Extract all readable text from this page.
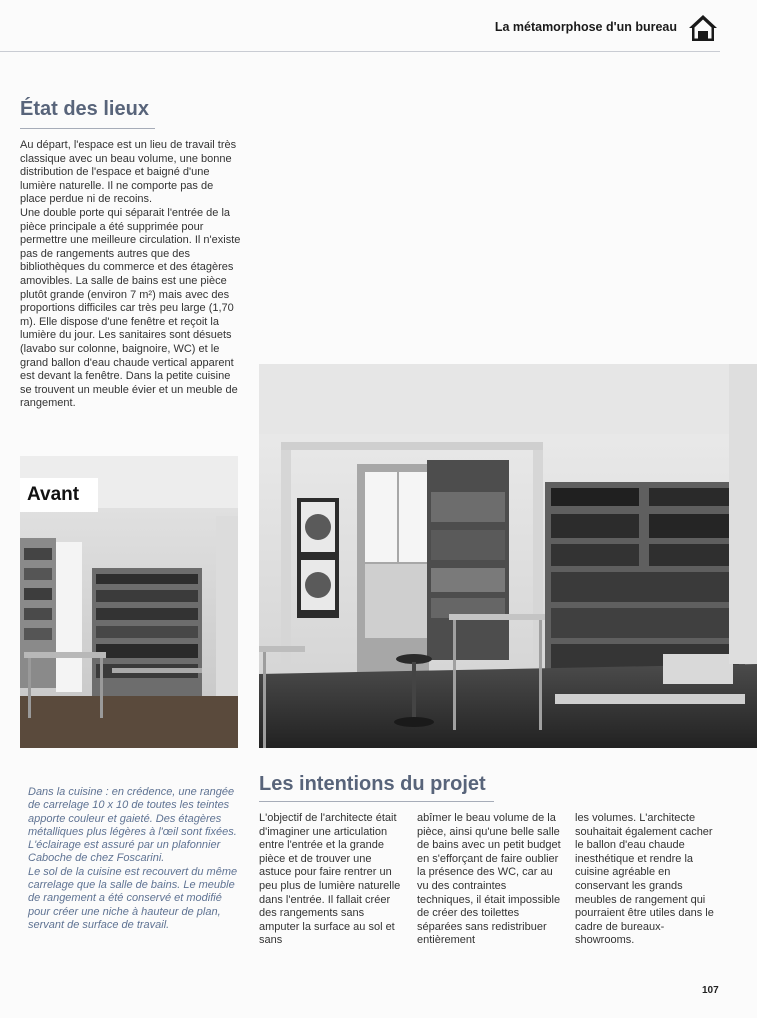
La métamorphose d'un bureau
État des lieux

Au départ, l'espace est un lieu de travail très classique avec un beau volume, une bonne distribution de l'espace et baigné d'une lumière naturelle. Il ne comporte pas de place perdue ni de recoins.

Une double porte qui séparait l'entrée de la pièce principale a été supprimée pour permettre une meilleure circulation. Il n'existe pas de rangements autres que des bibliothèques du commerce et des étagères amovibles. La salle de bains est une pièce plutôt grande (environ 7 m²) mais avec des proportions difficiles car très peu large (1,70 m). Elle dispose d'une fenêtre et reçoit la lumière du jour. Les sanitaires sont désuets (lavabo sur colonne, baignoire, WC) et le grand ballon d'eau chaude vertical apparent est devant la fenêtre. Dans la petite cuisine se trouvent un meuble évier et un meuble de rangement.

Avant

Dans la cuisine : en crédence, une rangée de carrelage 10 x 10 de toutes les teintes apporte couleur et gaieté. Des étagères métalliques plus légères à l'œil sont fixées. L'éclairage est assuré par un plafonnier Caboche de chez Foscarini.

Le sol de la cuisine est recouvert du même carrelage que la salle de bains. Le meuble de rangement a été conservé et modifié pour créer une niche à hauteur de plan, servant de surface de travail.

Les intentions du projet

L'objectif de l'architecte était d'imaginer une articulation entre l'entrée et la grande pièce et de trouver une astuce pour faire rentrer un peu plus de lumière naturelle dans l'entrée. Il fallait créer des rangements sans amputer la surface au sol et sans

abîmer le beau volume de la pièce, ainsi qu'une belle salle de bains avec un petit budget en s'efforçant de faire oublier la présence des WC, car au vu des contraintes techniques, il était impossible de créer des toilettes séparées sans redistribuer entièrement

les volumes. L'architecte souhaitait également cacher le ballon d'eau chaude inesthétique et rendre la cuisine agréable en conservant les grands meubles de rangement qui pourraient être utiles dans le cadre de bureaux-showrooms.

107
